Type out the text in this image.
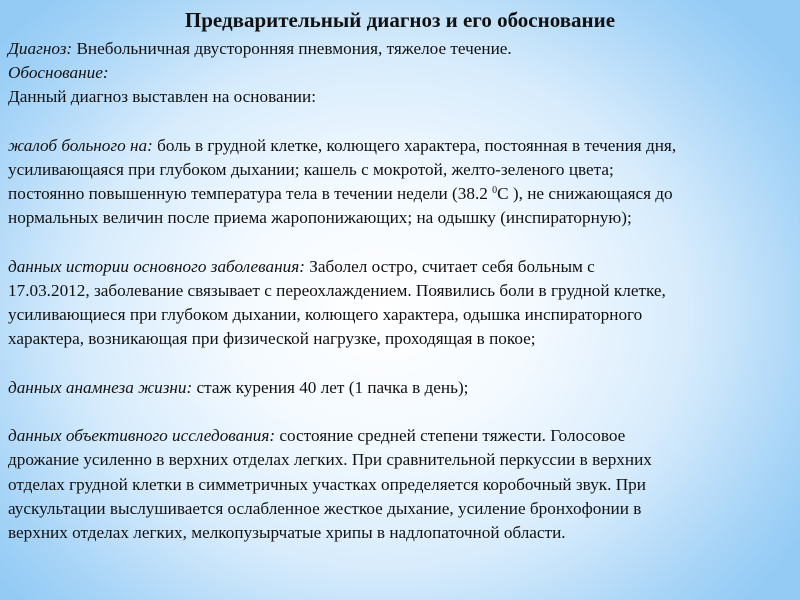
Предварительный диагноз и его обоснование

Диагноз: Внебольничная двусторонняя пневмония, тяжелое течение.

Обоснование:

Данный диагноз выставлен на основании:

жалоб больного на: боль в грудной клетке, колющего характера, постоянная в течения дня,

усиливающаяся при глубоком дыхании; кашель с мокротой, желто-зеленого цвета;

постоянно повышенную температура тела в течении недели (38.2 $^0$С ), не снижающаяся до

нормальных величин после приема жаропонижающих; на одышку (инспираторную);

данных истории основного заболевания: Заболел остро, считает себя больным с

17.03.2012, заболевание связывает с переохлаждением. Появились боли в грудной клетке,

усиливающиеся при глубоком дыхании, колющего характера, одышка инспираторного

характера, возникающая при физической нагрузке, проходящая в покое;

данных анамнеза жизни: стаж курения 40 лет (1 пачка в день);

данных объективного исследования: состояние средней степени тяжести. Голосовое

дрожание усиленно в верхних отделах легких. При сравнительной перкуссии в верхних

отделах грудной клетки в симметричных участках определяется коробочный звук. При

аускультации выслушивается ослабленное жесткое дыхание, усиление бронхофонии в

верхних отделах легких, мелкопузырчатые хрипы в надлопаточной области.
